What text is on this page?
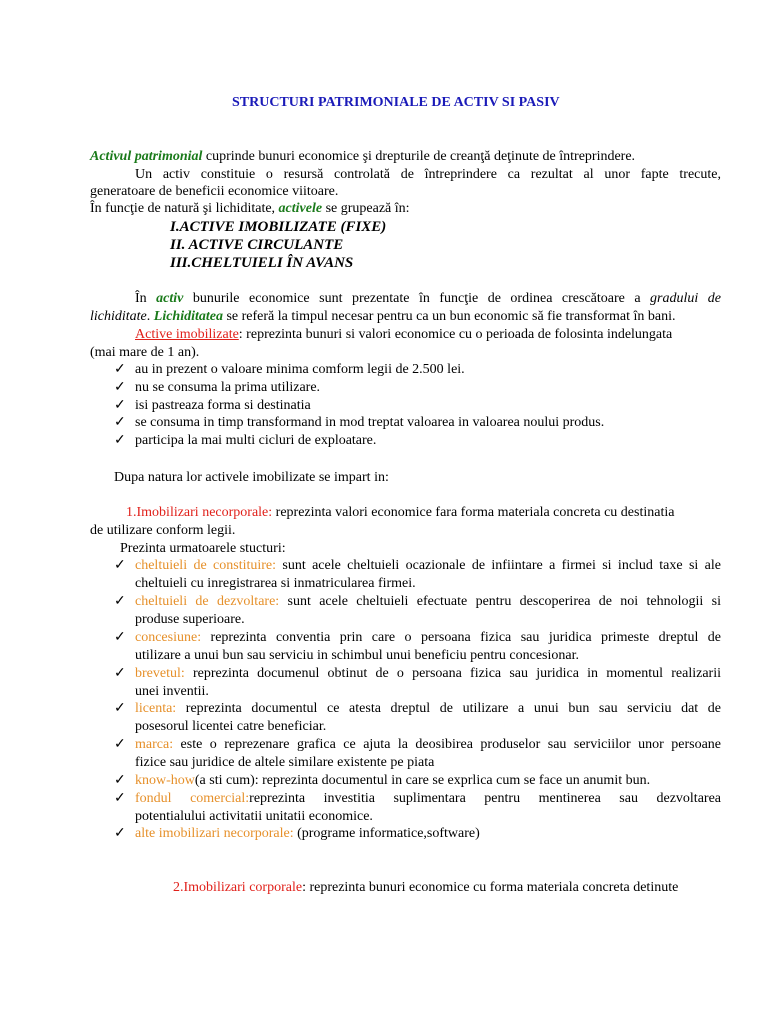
STRUCTURI PATRIMONIALE DE ACTIV SI PASIV
Activul patrimonial cuprinde bunuri economice şi drepturile de creanţă deţinute de întreprindere.
Un activ constituie o resursă controlată de întreprindere ca rezultat al unor fapte trecute,
generatoare de beneficii economice viitoare.
În funcţie de natură şi lichiditate, activele se grupează în:
I.ACTIVE IMOBILIZATE (FIXE)
II. ACTIVE CIRCULANTE
III.CHELTUIELI ÎN AVANS
În activ bunurile economice sunt prezentate în funcţie de ordinea crescătoare a gradului de
lichiditate. Lichiditatea se referă la timpul necesar pentru ca un bun economic să fie transformat în bani.
Active imobilizate: reprezinta bunuri si valori economice cu o perioada de folosinta indelungata
(mai mare de 1 an).
✓ au in prezent o valoare minima comform legii de 2.500 lei.
✓ nu se consuma la prima utilizare.
✓ isi pastreaza forma si destinatia
✓ se consuma in timp transformand in mod treptat valoarea in valoarea noului produs.
✓ participa la mai multi cicluri de exploatare.
Dupa natura lor activele imobilizate se impart in:
1.Imobilizari necorporale: reprezinta valori economice fara forma materiala concreta cu destinatia
de utilizare conform legii.
Prezinta urmatoarele stucturi:
✓ cheltuieli de constituire: sunt acele cheltuieli ocazionale de infiintare a firmei si includ taxe si ale
cheltuieli cu inregistrarea si inmatricularea firmei.
✓ cheltuieli de dezvoltare: sunt acele cheltuieli efectuate pentru descoperirea de noi tehnologii si
produse superioare.
✓ concesiune: reprezinta conventia prin care o persoana fizica sau juridica primeste dreptul de
utilizare a unui bun sau serviciu in schimbul unui beneficiu pentru concesionar.
✓ brevetul: reprezinta documenul obtinut de o persoana fizica sau juridica in momentul realizarii
unei inventii.
✓ licenta: reprezinta documentul ce atesta dreptul de utilizare a unui bun sau serviciu dat de
posesorul licentei catre beneficiar.
✓ marca: este o reprezenare grafica ce ajuta la deosibirea produselor sau serviciilor unor persoane
fizice sau juridice de altele similare existente pe piata
✓ know-how(a sti cum): reprezinta documentul in care se exprlica cum se face un anumit bun.
✓ fondul comercial:reprezinta investitia suplimentara pentru mentinerea sau dezvoltarea
potentialului activitatii unitatii economice.
✓ alte imobilizari necorporale: (programe informatice,software)
2.Imobilizari corporale: reprezinta bunuri economice cu forma materiala concreta detinute
